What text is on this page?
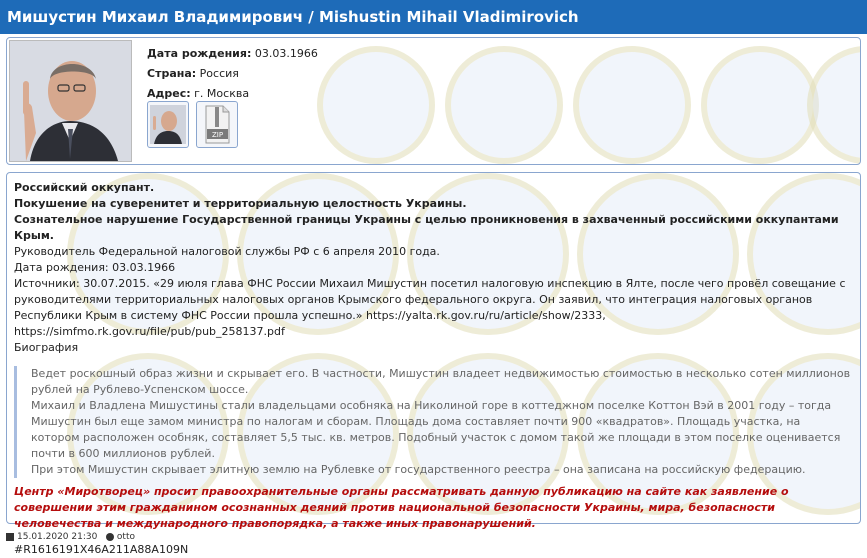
Мишустин Михаил Владимирович / Mishustin Mihail Vladimirovich
Дата рождения: 03.03.1966
Страна: Россия
Адрес: г. Москва
ZIP
Российский оккупант.
Покушение на суверенитет и территориальную целостность Украины.
Сознательное нарушение Государственной границы Украины с целью проникновения в захваченный российскими оккупантами Крым.
Руководитель Федеральной налоговой службы РФ с 6 апреля 2010 года.
Дата рождения: 03.03.1966
Источники: 30.07.2015. «29 июля глава ФНС России Михаил Мишустин посетил налоговую инспекцию в Ялте, после чего провёл совещание с руководителями территориальных налоговых органов Крымского федерального округа. Он заявил, что интеграция налоговых органов Республики Крым в систему ФНС России прошла успешно.» https://yalta.rk.gov.ru/ru/article/show/2333, https://simfmo.rk.gov.ru/file/pub/pub_258137.pdf
Биография
Ведет роскошный образ жизни и скрывает его. В частности, Мишустин владеет недвижимостью стоимостью в несколько сотен миллионов рублей на Рублево-Успенском шоссе.
Михаил и Владлена Мишустины стали владельцами особняка на Николиной горе в коттеджном поселке Коттон Вэй в 2001 году – тогда Мишустин был еще замом министра по налогам и сборам. Площадь дома составляет почти 900 «квадратов». Площадь участка, на котором расположен особняк, составляет 5,5 тыс. кв. метров. Подобный участок с домом такой же площади в этом поселке оценивается почти в 600 миллионов рублей.
При этом Мишустин скрывает элитную землю на Рублевке от государственного реестра – она записана на российскую федерацию.
Центр «Миротворец» просит правоохранительные органы рассматривать данную публикацию на сайте как заявление о совершении этим гражданином осознанных деяний против национальной безопасности Украины, мира, безопасности человечества и международного правопорядка, а также иных правонарушений.
#R1616191X46A211A88A109N
15.01.2020 21:30 otto
